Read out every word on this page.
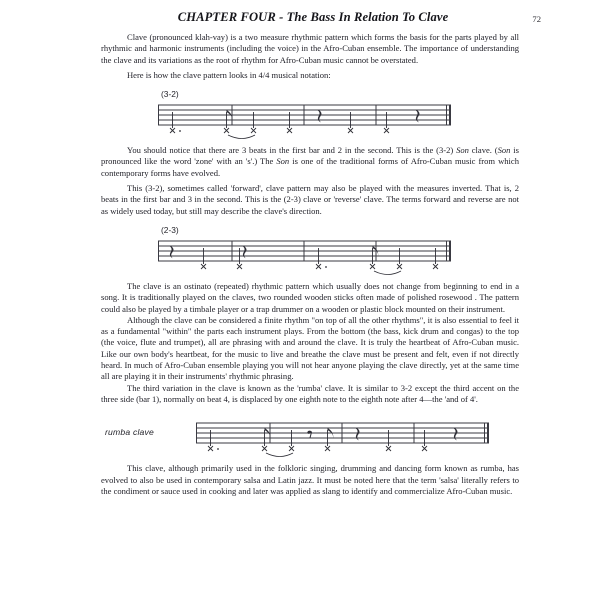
CHAPTER FOUR - The Bass In Relation To Clave	72

Clave (pronounced klah-vay) is a two measure rhythmic pattern which forms the basis for the parts played by all rhythmic and harmonic instruments (including the voice) in the Afro-Cuban ensemble. The importance of understanding the clave and its variations as the root of rhythm for Afro-Cuban music cannot be overstated.

Here is how the clave pattern looks in 4/4 musical notation:

(3-2)

You should notice that there are 3 beats in the first bar and 2 in the second. This is the (3-2) Son clave. (Son is pronounced like the word 'zone' with an 's'.) The Son is one of the traditional forms of Afro-Cuban music from which contemporary forms have evolved.

This (3-2), sometimes called 'forward', clave pattern may also be played with the measures inverted. That is, 2 beats in the first bar and 3 in the second. This is the (2-3) clave or 'reverse' clave. The terms forward and reverse are not as widely used today, but still may describe the clave's direction.

(2-3)

The clave is an ostinato (repeated) rhythmic pattern which usually does not change from beginning to end in a song. It is traditionally played on the claves, two rounded wooden sticks often made of polished rosewood . The pattern could also be played by a timbale player or a trap drummer on a wooden or plastic block mounted on their instrument.

Although the clave can be considered a finite rhythm "on top of all the other rhythms", it is also essential to feel it as a fundamental "within" the parts each instrument plays. From the bottom (the bass, kick drum and congas) to the top (the voice, flute and trumpet), all are phrasing with and around the clave. It is truly the heartbeat of Afro-Cuban music. Like our own body's heartbeat, for the music to live and breathe the clave must be present and felt, even if not directly heard. In much of Afro-Cuban ensemble playing you will not hear anyone playing the clave directly, yet at the same time all are playing it in their instruments' rhythmic phrasing.

The third variation in the clave is known as the 'rumba' clave. It is similar to 3-2 except the third accent on the three side (bar 1), normally on beat 4, is displaced by one eighth note to the eighth note after 4—the 'and of 4'.

rumba clave

This clave, although primarily used in the folkloric singing, drumming and dancing form known as rumba, has evolved to also be used in contemporary salsa and Latin jazz. It must be noted here that the term 'salsa' literally refers to the condiment or sauce used in cooking and later was applied as slang to identify and commercialize Afro-Cuban music.
